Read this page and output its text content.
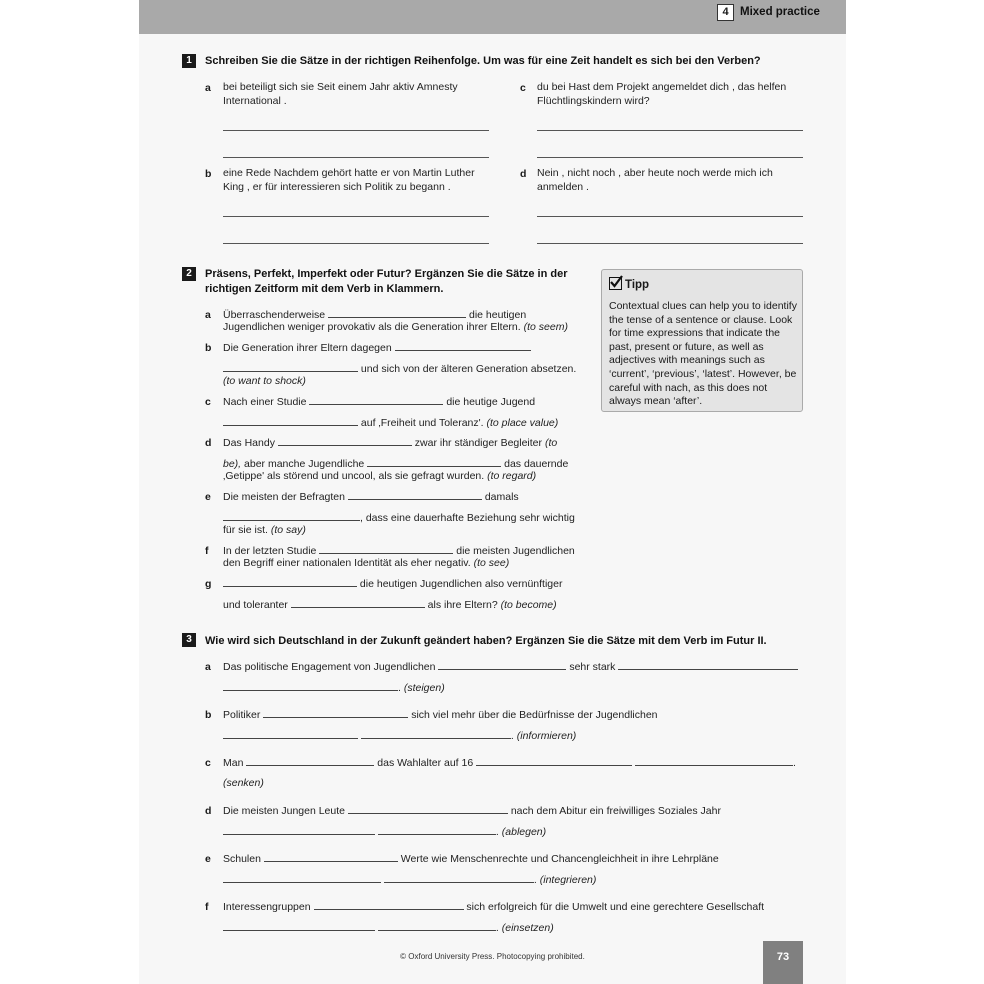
4 Mixed practice
1	Schreiben Sie die Sätze in der richtigen Reihenfolge. Um was für eine Zeit handelt es sich bei den Verben?
a bei beteiligt sich sie Seit einem Jahr aktiv Amnesty International .
c du bei Hast dem Projekt angemeldet dich , das helfen Flüchtlingskindern wird?
b eine Rede Nachdem gehört hatte er von Martin Luther King , er für interessieren sich Politik zu begann .
d Nein , nicht noch , aber heute noch werde mich ich anmelden .
2	Präsens, Perfekt, Imperfekt oder Futur? Ergänzen Sie die Sätze in der
richtigen Zeitform mit dem Verb in Klammern.
a Überraschenderweise	die heutigen
Jugendlichen weniger provokativ als die Generation ihrer Eltern. (to seem)
b Die Generation ihrer Eltern dagegen
und sich von der älteren Generation absetzen.
(to want to shock)
c Nach einer Studie	die heutige Jugend
auf ‚Freiheit und Toleranz'. (to place value)
d Das Handy	zwar ihr ständiger Begleiter (to
be), aber manche Jugendliche	das dauernde
‚Getippe' als störend und uncool, als sie gefragt wurden. (to regard)
e Die meisten der Befragten	damals
, dass eine dauerhafte Beziehung sehr wichtig
für sie ist. (to say)
f In der letzten Studie	die meisten Jugendlichen
den Begriff einer nationalen Identität als eher negativ. (to see)
g	die heutigen Jugendlichen also vernünftiger
und toleranter	als ihre Eltern? (to become)
Tipp
Contextual clues can help you to identify the tense of a sentence or clause. Look for time expressions that indicate the past, present or future, as well as adjectives with meanings such as ‘current’, ‘previous’, ‘latest’. However, be careful with nach, as this does not always mean ‘after’.
3	Wie wird sich Deutschland in der Zukunft geändert haben? Ergänzen Sie die Sätze mit dem Verb im Futur II.
a Das politische Engagement von Jugendlichen	sehr stark
. (steigen)
b Politiker	sich viel mehr über die Bedürfnisse der Jugendlichen
. (informieren)
c Man	das Wahlalter auf 16	.
(senken)
d Die meisten Jungen Leute	nach dem Abitur ein freiwilliges Soziales Jahr
. (ablegen)
e Schulen	Werte wie Menschenrechte und Chancengleichheit in ihre Lehrpläne
. (integrieren)
f Interessengruppen	sich erfolgreich für die Umwelt und eine gerechtere Gesellschaft
. (einsetzen)
© Oxford University Press. Photocopying prohibited.	73
